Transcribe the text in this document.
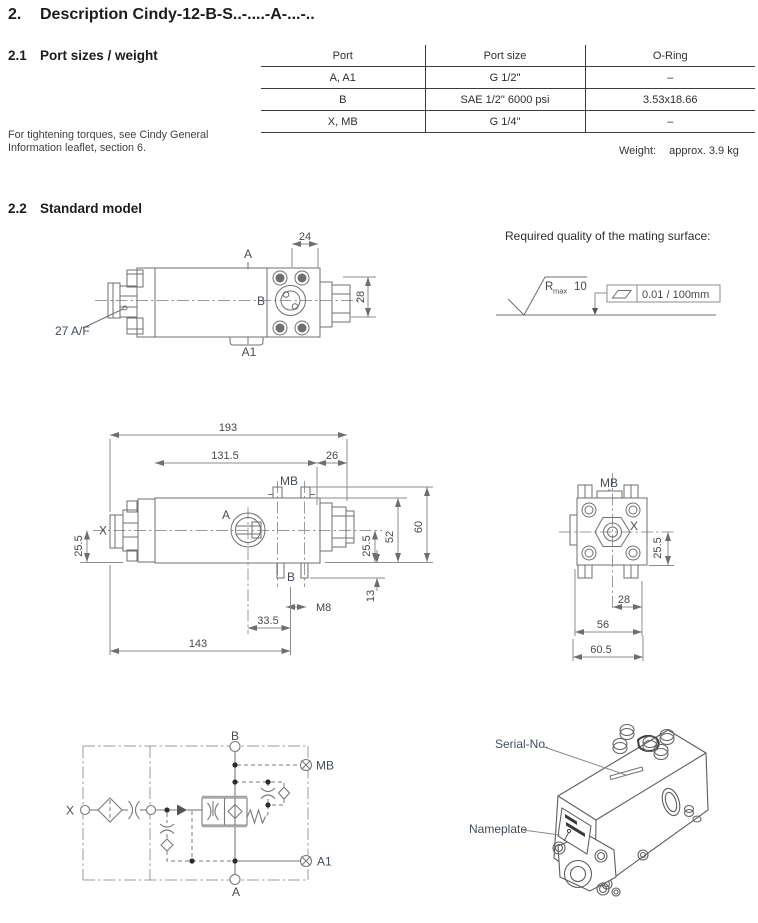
2.	Description Cindy-12-B-S..-....-A-...-..
2.1 Port sizes / weight	Port	Port size	O-Ring
A, A1	G 1/2"	–
B	SAE 1/2" 6000 psi	3.53x18.66
X, MB	G 1/4"	–
For tightening torques, see Cindy General
Information leaflet, section 6.	Weight: approx. 3.9 kg
2.2 Standard model
Required quality of the mating surface:
24
28
A
B
A1
27 A/F
R max 10
0.01 / 100mm
193
131.5	26
25.5	25.5 52
60
13
33.5
143
M8
MB
X
A
B
MB
X
25.5
28
56
60.5
B
A
X
MB
A1
Serial-No.
Nameplate
